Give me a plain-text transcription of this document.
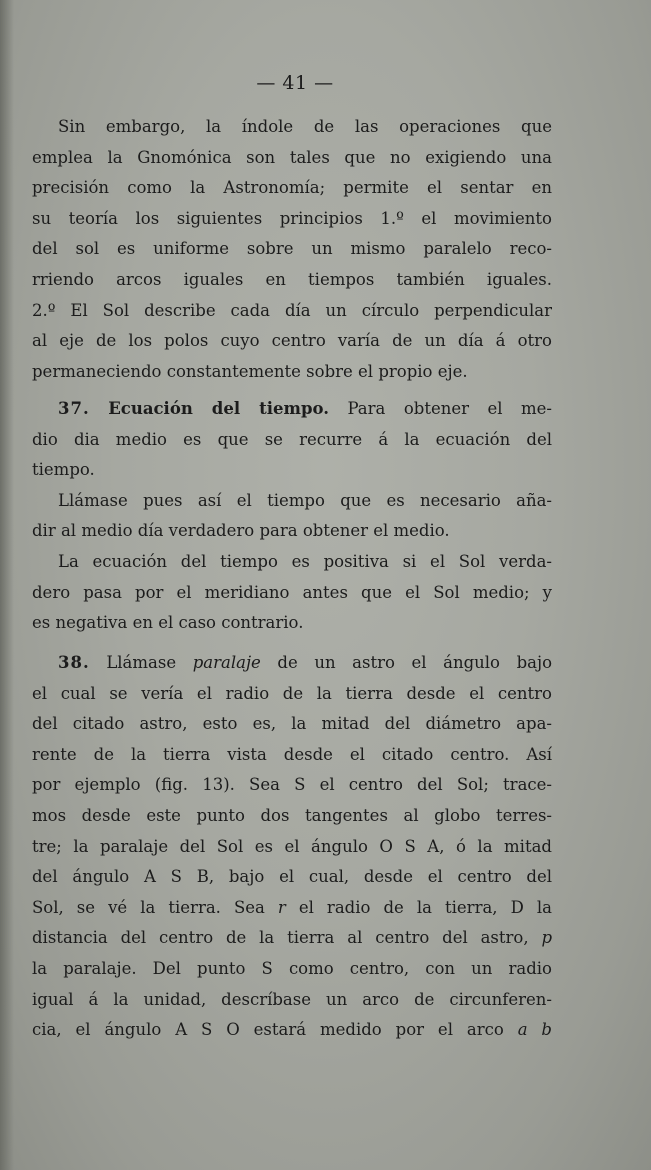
— 41 —
Sin embargo, la índole de las operaciones que
emplea la Gnomónica son tales que no exigiendo una
precisión como la Astronomía; permite el sentar en
su teoría los siguientes principios 1.º el movimiento
del sol es uniforme sobre un mismo paralelo reco-
rriendo arcos iguales en tiempos también iguales.
2.º El Sol describe cada día un círculo perpendicular
al eje de los polos cuyo centro varía de un día á otro
permaneciendo constantemente sobre el propio eje.
37. Ecuación del tiempo. Para obtener el me-
dio dia medio es que se recurre á la ecuación del
tiempo.
Llámase pues así el tiempo que es necesario aña-
dir al medio día verdadero para obtener el medio.
La ecuación del tiempo es positiva si el Sol verda-
dero pasa por el meridiano antes que el Sol medio; y
es negativa en el caso contrario.
38. Llámase paralaje de un astro el ángulo bajo
el cual se vería el radio de la tierra desde el centro
del citado astro, esto es, la mitad del diámetro apa-
rente de la tierra vista desde el citado centro. Así
por ejemplo (fig. 13). Sea S el centro del Sol; trace-
mos desde este punto dos tangentes al globo terres-
tre; la paralaje del Sol es el ángulo O S A, ó la mitad
del ángulo A S B, bajo el cual, desde el centro del
Sol, se vé la tierra. Sea r el radio de la tierra, D la
distancia del centro de la tierra al centro del astro, p
la paralaje. Del punto S como centro, con un radio
igual á la unidad, descríbase un arco de circunferen-
cia, el ángulo A S O estará medido por el arco a b
